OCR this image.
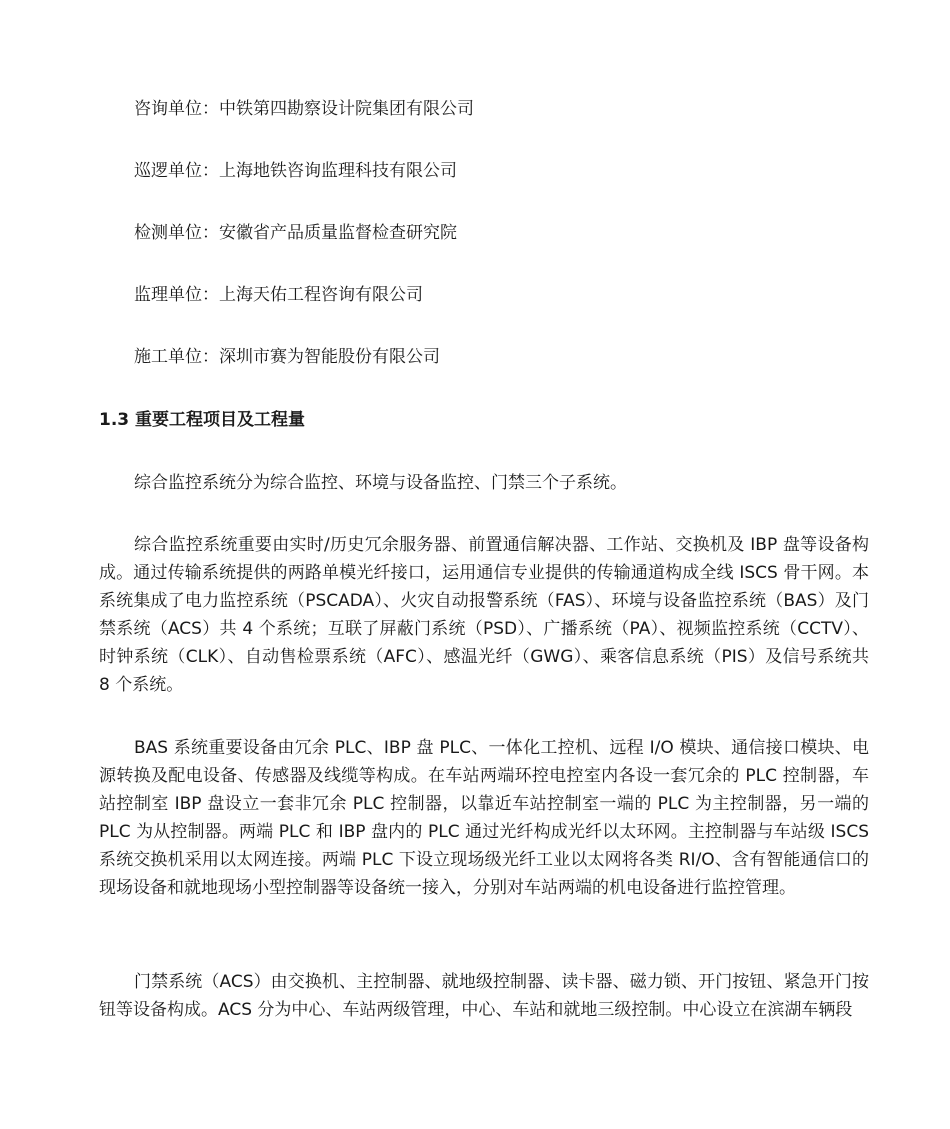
咨询单位：中铁第四勘察设计院集团有限公司
巡逻单位：上海地铁咨询监理科技有限公司
检测单位：安徽省产品质量监督检查研究院
监理单位：上海天佑工程咨询有限公司
施工单位：深圳市赛为智能股份有限公司
1.3 重要工程项目及工程量

综合监控系统分为综合监控、环境与设备监控、门禁三个子系统。

综合监控系统重要由实时/历史冗余服务器、前置通信解决器、工作站、交换机及 IBP 盘等设备构成。通过传输系统提供的两路单模光纤接口，运用通信专业提供的传输通道构成全线 ISCS 骨干网。本系统集成了电力监控系统（PSCADA）、火灾自动报警系统（FAS）、环境与设备监控系统（BAS）及门禁系统（ACS）共 4 个系统；互联了屏蔽门系统（PSD）、广播系统（PA）、视频监控系统（CCTV）、时钟系统（CLK）、自动售检票系统（AFC）、感温光纤（GWG）、乘客信息系统（PIS）及信号系统共 8 个系统。

BAS 系统重要设备由冗余 PLC、IBP 盘 PLC、一体化工控机、远程 I/O 模块、通信接口模块、电源转换及配电设备、传感器及线缆等构成。在车站两端环控电控室内各设一套冗余的 PLC 控制器，车站控制室 IBP 盘设立一套非冗余 PLC 控制器，以靠近车站控制室一端的 PLC 为主控制器，另一端的 PLC 为从控制器。两端 PLC 和 IBP 盘内的 PLC 通过光纤构成光纤以太环网。主控制器与车站级 ISCS 系统交换机采用以太网连接。两端 PLC 下设立现场级光纤工业以太网将各类 RI/O、含有智能通信口的现场设备和就地现场小型控制器等设备统一接入，分别对车站两端的机电设备进行监控管理。

门禁系统（ACS）由交换机、主控制器、就地级控制器、读卡器、磁力锁、开门按钮、紧急开门按钮等设备构成。ACS 分为中心、车站两级管理，中心、车站和就地三级控制。中心设立在滨湖车辆段
